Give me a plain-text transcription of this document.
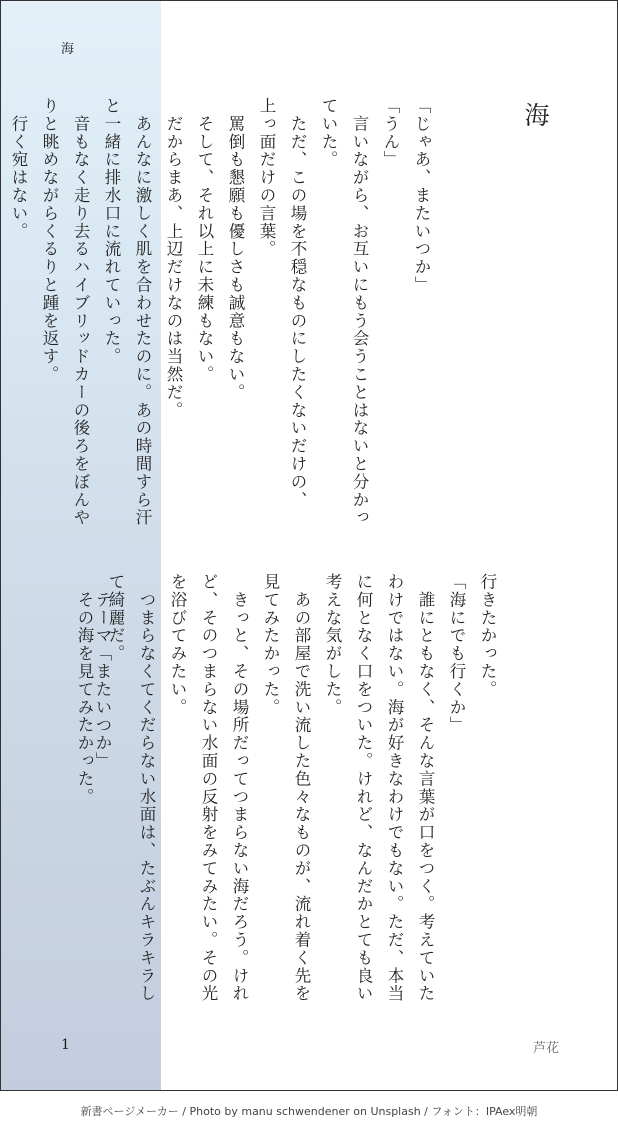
海
海
「じゃあ、またいつか」
「うん」
　言いながら、お互いにもう会うことはないと分かっ
ていた。
　ただ、この場を不穏なものにしたくないだけの、
上っ面だけの言葉。
　罵倒も懇願も優しさも誠意もない。
　そして、それ以上に未練もない。
　だからまあ、上辺だけなのは当然だ。
　あんなに激しく肌を合わせたのに。あの時間すら汗
と一緒に排水口に流れていった。
　音もなく走り去るハイブリッドカーの後ろをぼんや
りと眺めながらくるりと踵を返す。
　行く宛はない。
行きたかった。
「海にでも行くか」
　誰にともなく、そんな言葉が口をつく。考えていた
わけではない。海が好きなわけでもない。ただ、本当
に何となく口をついた。けれど、なんだかとても良い
考えな気がした。
　あの部屋で洗い流した色々なものが、流れ着く先を
見てみたかった。
　きっと、その場所だってつまらない海だろう。けれ
ど、そのつまらない水面の反射をみてみたい。その光
を浴びてみたい。
　つまらなくてくだらない水面は、たぶんキラキラし
て綺麗だ。
　その海を見てみたかった。 テーマ「またいつか」
1	芦花
新書ページメーカー / Photo by manu schwendener on Unsplash / フォント：IPAex明朝
